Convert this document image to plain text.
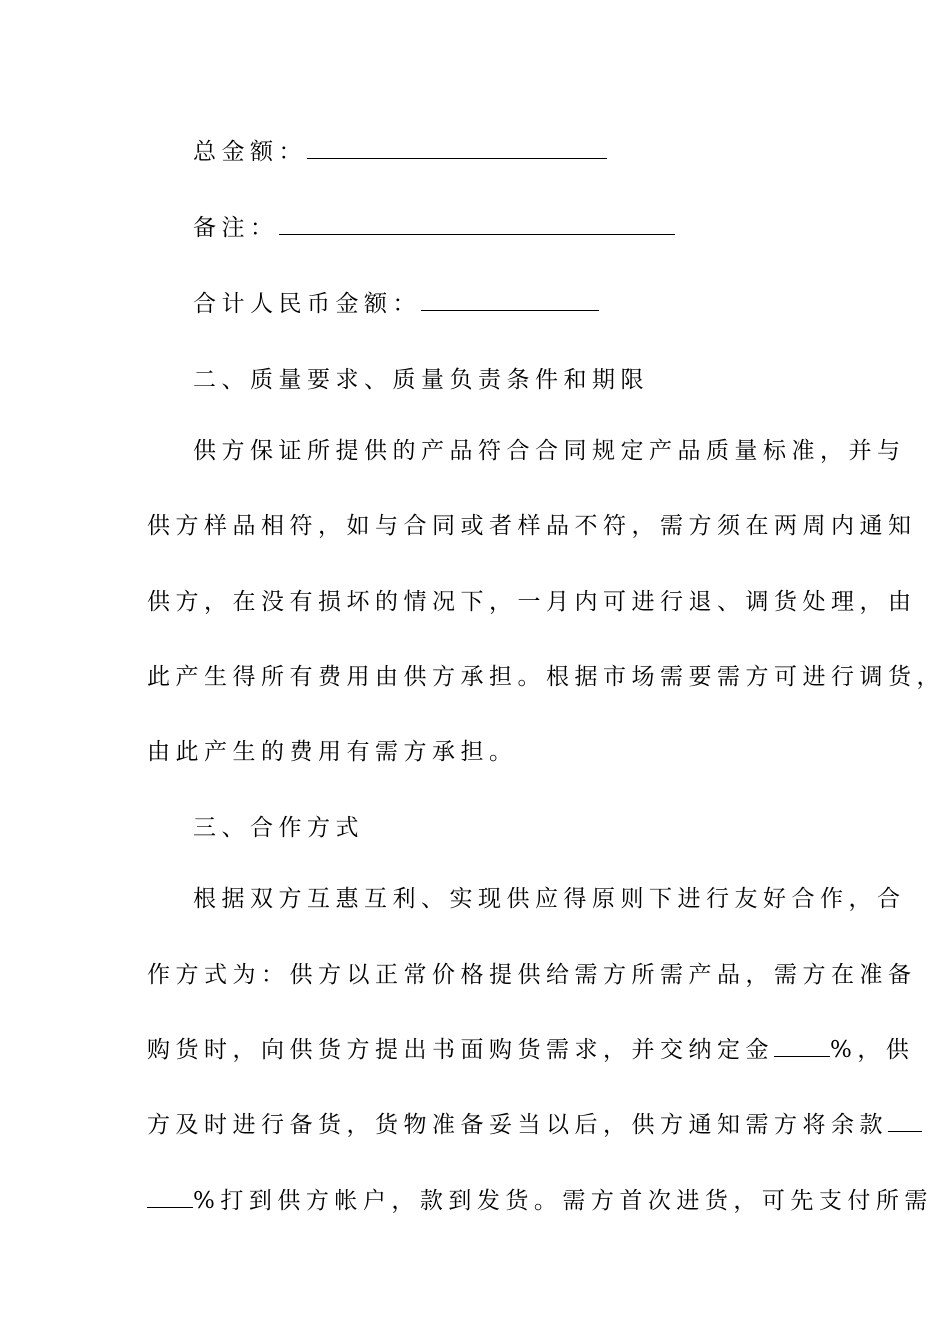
总金额：
备注：
合计人民币金额：
二、质量要求、质量负责条件和期限
供方保证所提供的产品符合合同规定产品质量标准，并与
供方样品相符，如与合同或者样品不符，需方须在两周内通知
供方，在没有损坏的情况下，一月内可进行退、调货处理，由
此产生得所有费用由供方承担。根据市场需要需方可进行调货，
由此产生的费用有需方承担。
三、合作方式
根据双方互惠互利、实现供应得原则下进行友好合作，合
作方式为：供方以正常价格提供给需方所需产品，需方在准备
购货时，向供货方提出书面购货需求，并交纳定金 %，供
方及时进行备货，货物准备妥当以后，供方通知需方将余款
%打到供方帐户，款到发货。需方首次进货，可先支付所需
